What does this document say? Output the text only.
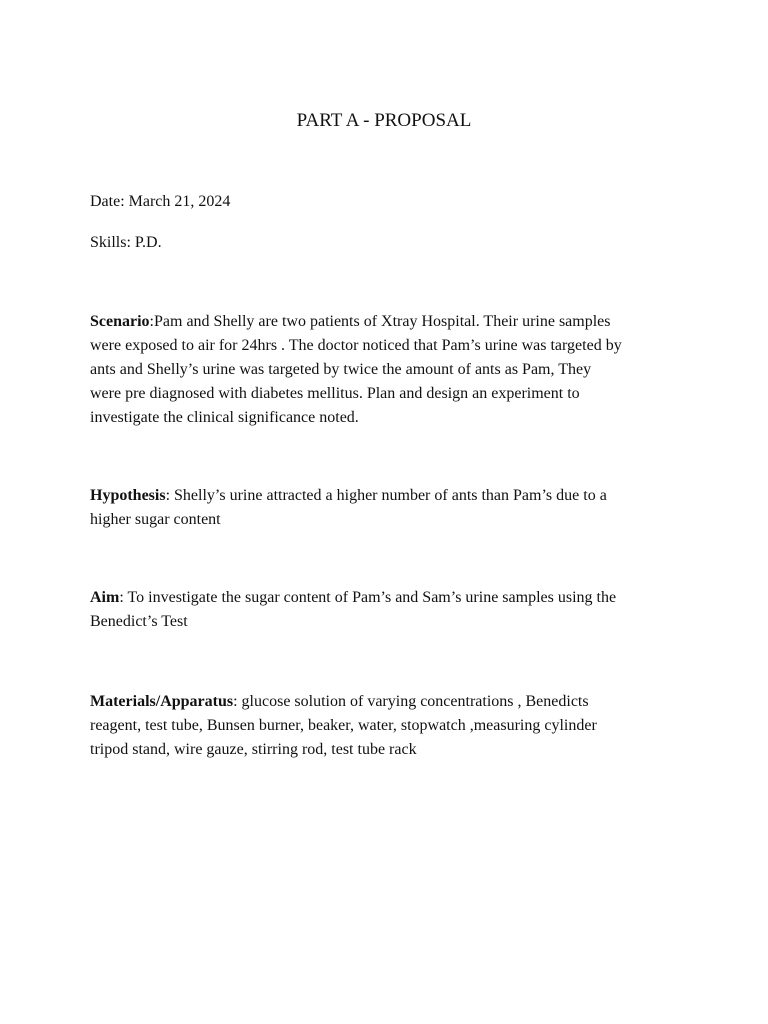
PART A - PROPOSAL

Date: March 21, 2024

Skills: P.D.

Scenario:Pam and Shelly are two patients of Xtray Hospital. Their urine samples
were exposed to air for 24hrs . The doctor noticed that Pam’s urine was targeted by
ants and Shelly’s urine was targeted by twice the amount of ants as Pam, They
were pre diagnosed with diabetes mellitus. Plan and design an experiment to
investigate the clinical significance noted.
Hypothesis: Shelly’s urine attracted a higher number of ants than Pam’s due to a
higher sugar content
Aim: To investigate the sugar content of Pam’s and Sam’s urine samples using the
Benedict’s Test
Materials/Apparatus: glucose solution of varying concentrations , Benedicts
reagent, test tube, Bunsen burner, beaker, water, stopwatch ,measuring cylinder
tripod stand, wire gauze, stirring rod, test tube rack
